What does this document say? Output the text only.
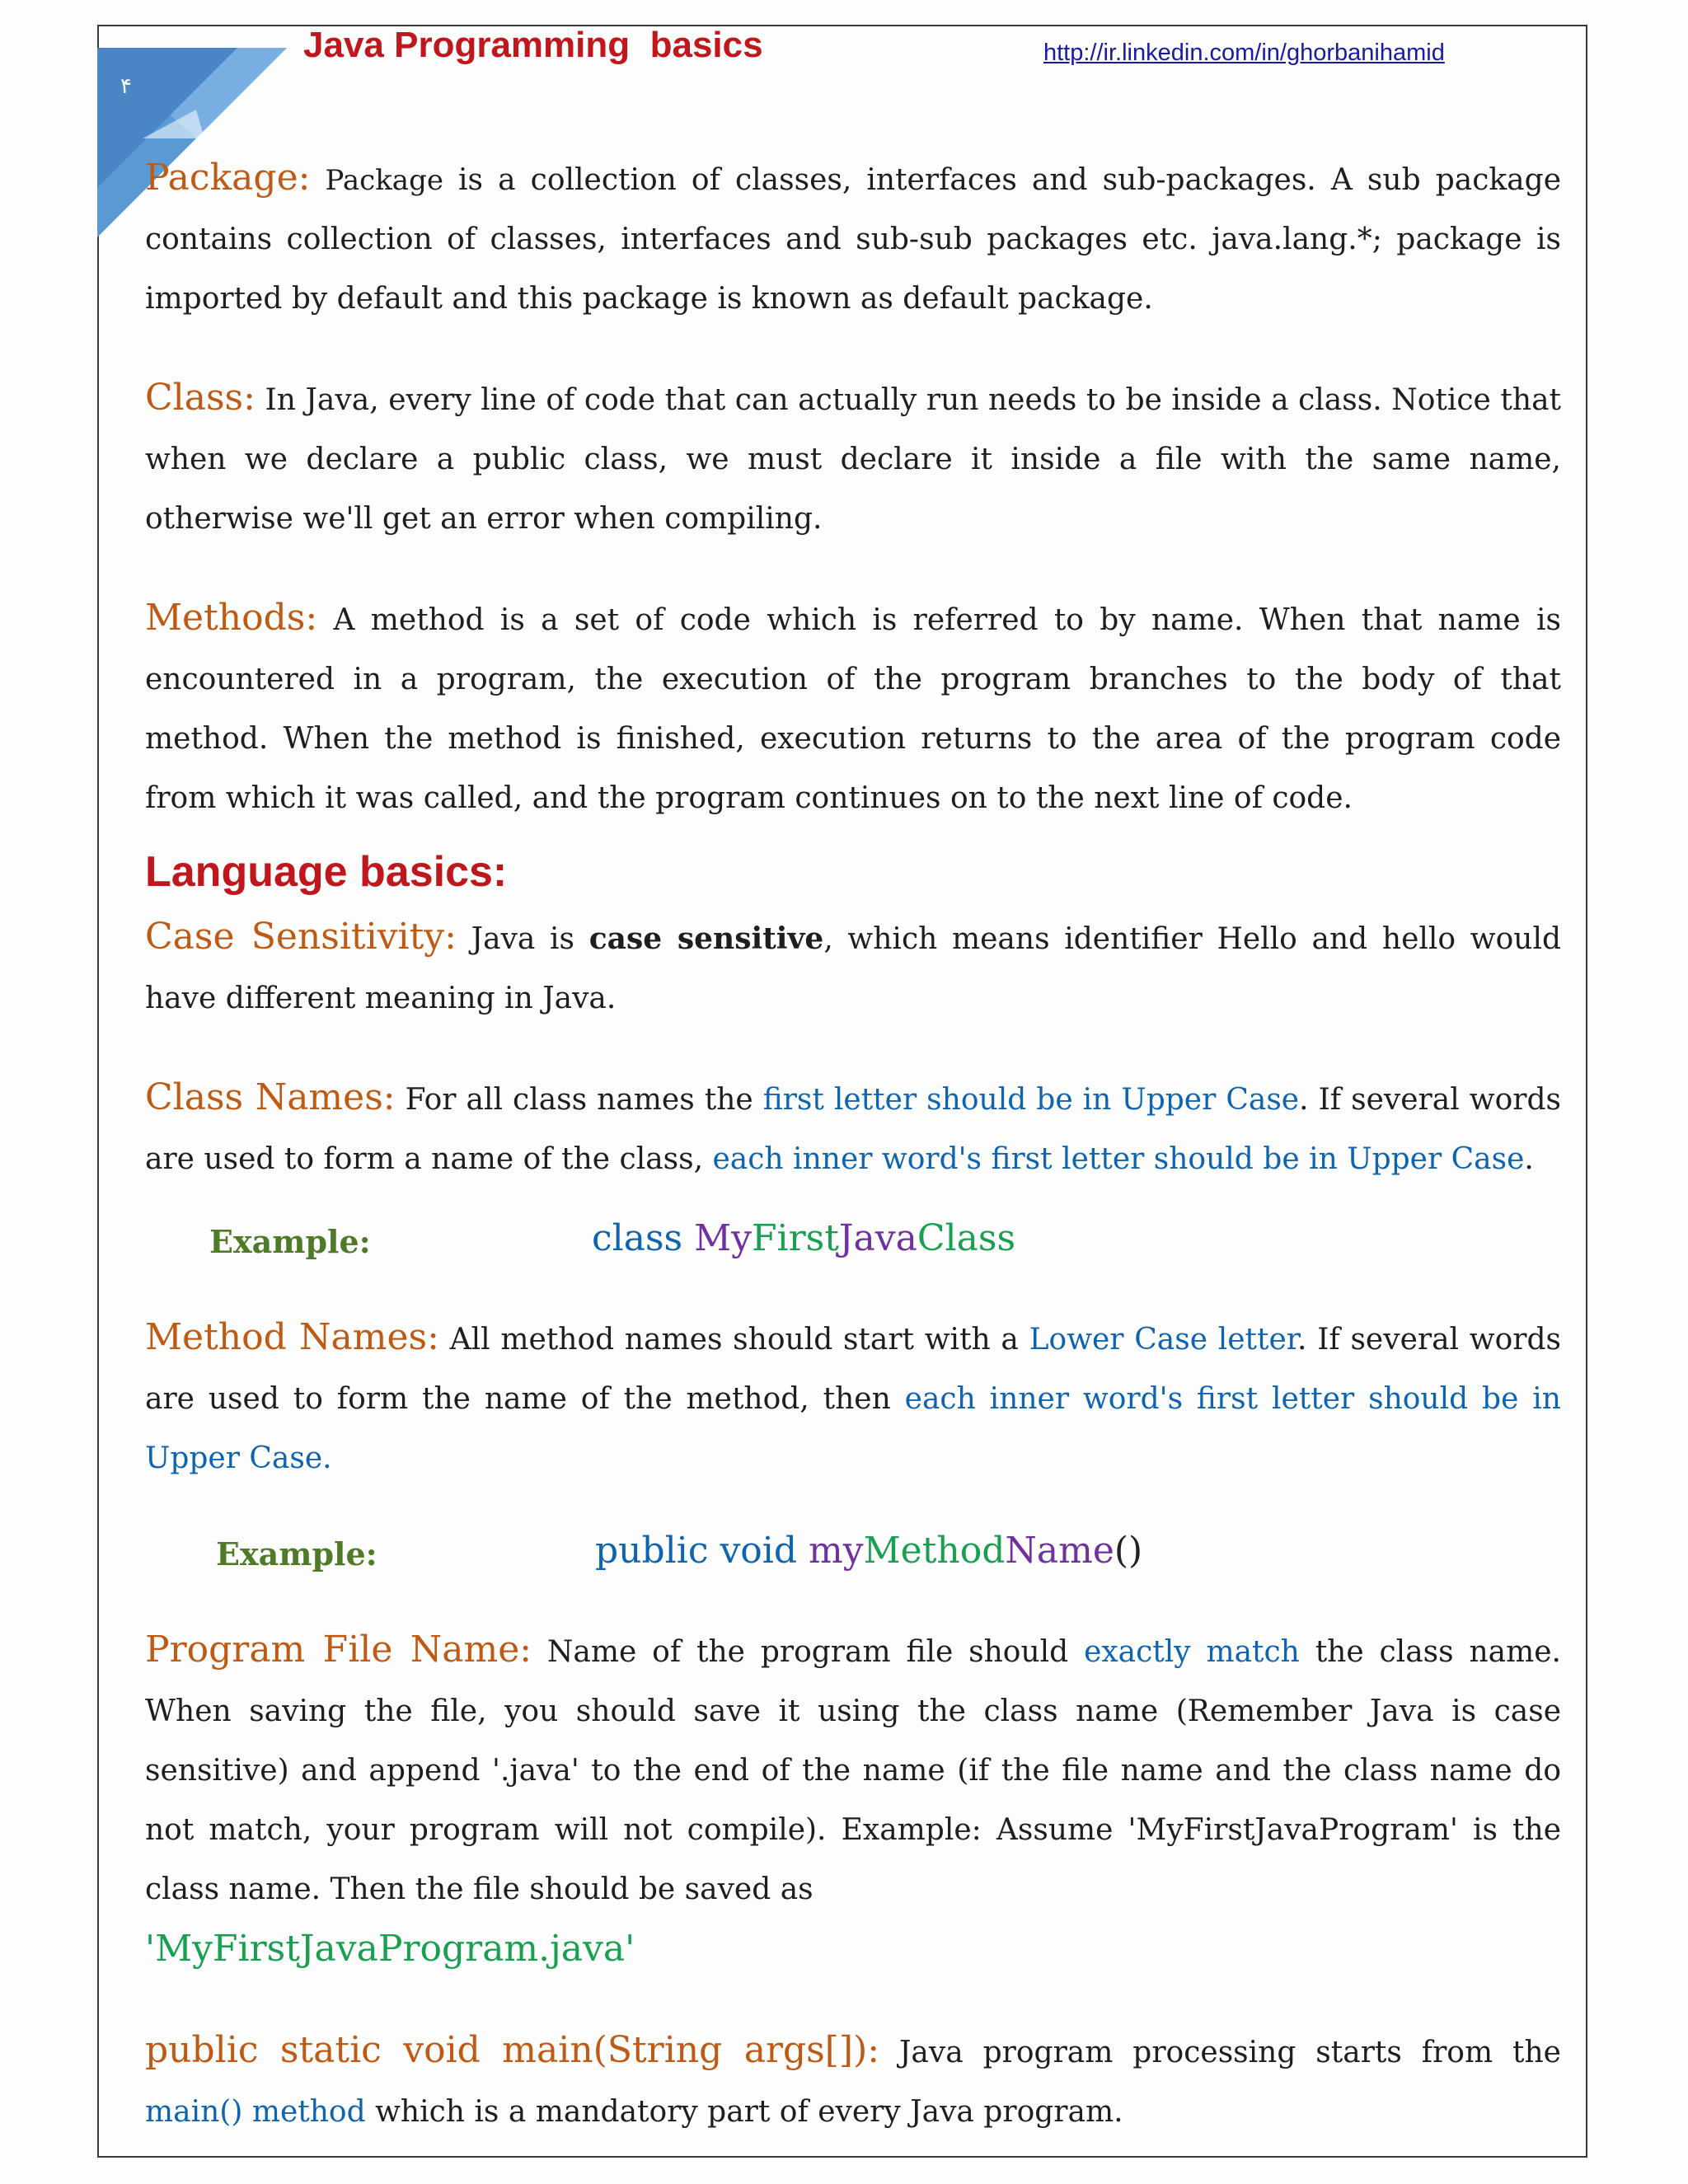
۴
Java Programming  basics	http://ir.linkedin.com/in/ghorbanihamid

Package: Package is a collection of classes, interfaces and sub-packages. A sub package contains collection of classes, interfaces and sub-sub packages etc. java.lang.*; package is imported by default and this package is known as default package.

Class: In Java, every line of code that can actually run needs to be inside a class. Notice that when we declare a public class, we must declare it inside a file with the same name, otherwise we'll get an error when compiling.

Methods: A method is a set of code which is referred to by name. When that name is encountered in a program, the execution of the program branches to the body of that method. When the method is finished, execution returns to the area of the program code from which it was called, and the program continues on to the next line of code.

Language basics:

Case Sensitivity: Java is case sensitive, which means identifier Hello and hello would have different meaning in Java.

Class Names: For all class names the first letter should be in Upper Case. If several words are used to form a name of the class, each inner word's first letter should be in Upper Case.

Example:	class MyFirstJavaClass

Method Names: All method names should start with a Lower Case letter. If several words are used to form the name of the method, then each inner word's first letter should be in Upper Case.

Example:	public void myMethodName()

Program File Name: Name of the program file should exactly match the class name. When saving the file, you should save it using the class name (Remember Java is case sensitive) and append '.java' to the end of the name (if the file name and the class name do not match, your program will not compile). Example: Assume 'MyFirstJavaProgram' is the class name. Then the file should be saved as
'MyFirstJavaProgram.java'

public static void main(String args[]): Java program processing starts from the main() method which is a mandatory part of every Java program.
